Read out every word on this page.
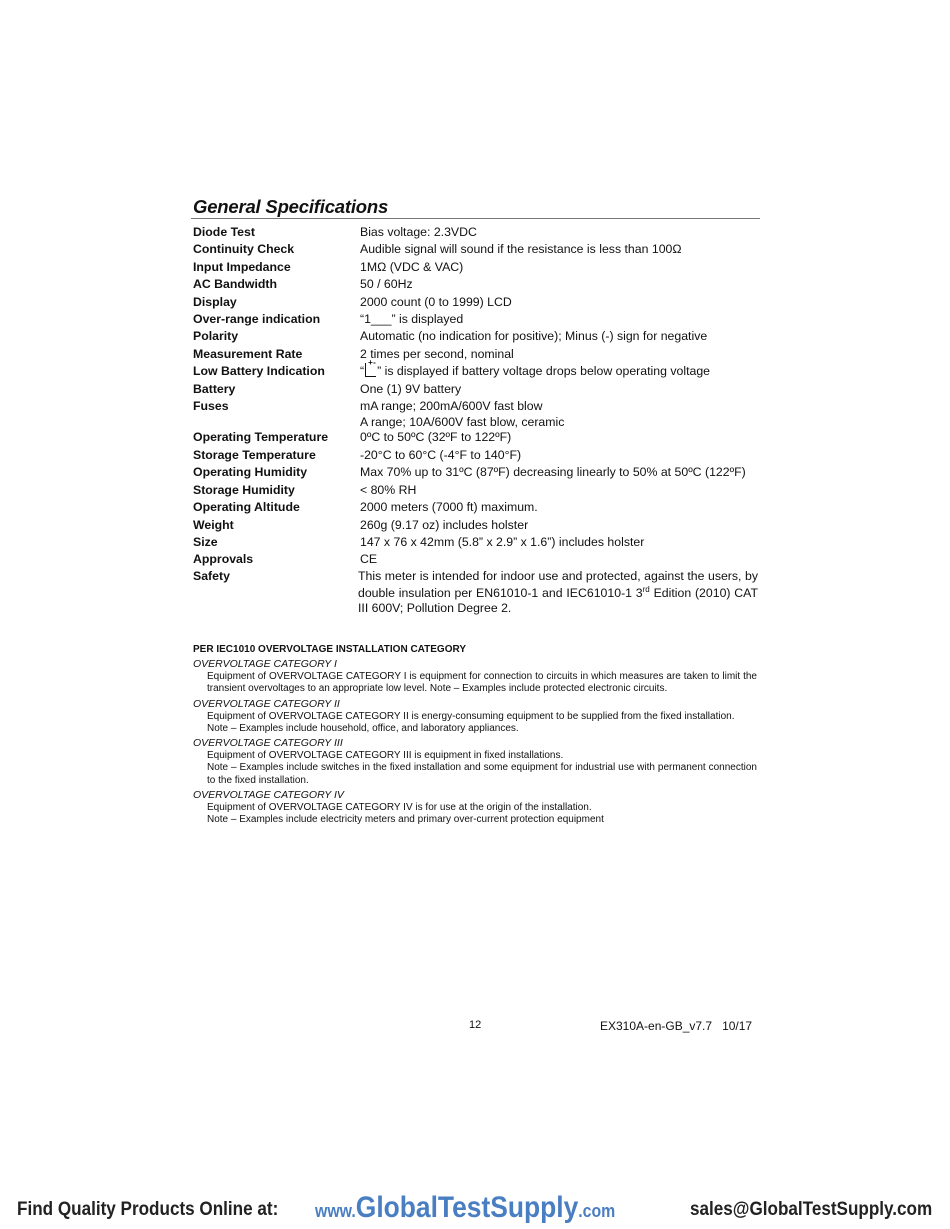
General Specifications
Diode Test	Bias voltage: 2.3VDC
Continuity Check	Audible signal will sound if the resistance is less than 100Ω
Input Impedance	1MΩ (VDC & VAC)
AC Bandwidth	50 / 60Hz
Display	2000 count (0 to 1999) LCD
Over-range indication	“1___” is displayed
Polarity	Automatic (no indication for positive); Minus (-) sign for negative
Measurement Rate	2 times per second, nominal
Low Battery Indication	“
+ -
” is displayed if battery voltage drops below operating voltage
Battery	One (1) 9V battery
Fuses	mA range; 200mA/600V fast blow
A range; 10A/600V fast blow, ceramic
Operating Temperature	0ºC to 50ºC (32ºF to 122ºF)
Storage Temperature	-20°C to 60°C (-4°F to 140°F)
Operating Humidity	Max 70% up to 31ºC (87ºF) decreasing linearly to 50% at 50ºC (122ºF)
Storage Humidity	< 80% RH
Operating Altitude	2000 meters (7000 ft) maximum.
Weight	260g (9.17 oz) includes holster
Size	147 x 76 x 42mm (5.8” x 2.9” x 1.6”) includes holster
Approvals	CE
Safety	This meter is intended for indoor use and protected, against the users, by double insulation per EN61010-1 and IEC61010-1 3rd Edition (2010) CAT III 600V; Pollution Degree 2.
PER IEC1010 OVERVOLTAGE INSTALLATION CATEGORY
OVERVOLTAGE CATEGORY I
Equipment of OVERVOLTAGE CATEGORY I is equipment for connection to circuits in which measures are taken to limit the transient overvoltages to an appropriate low level. Note – Examples include protected electronic circuits.
OVERVOLTAGE CATEGORY II
Equipment of OVERVOLTAGE CATEGORY II is energy-consuming equipment to be supplied from the fixed installation.
Note – Examples include household, office, and laboratory appliances.
OVERVOLTAGE CATEGORY III
Equipment of OVERVOLTAGE CATEGORY III is equipment in fixed installations.
Note – Examples include switches in the fixed installation and some equipment for industrial use with permanent connection to the fixed installation.
OVERVOLTAGE CATEGORY IV
Equipment of OVERVOLTAGE CATEGORY IV is for use at the origin of the installation.
Note – Examples include electricity meters and primary over-current protection equipment
12	EX310A-en-GB_v7.7   10/17
Find Quality Products Online at: www.GlobalTestSupply.com	sales@GlobalTestSupply.com
